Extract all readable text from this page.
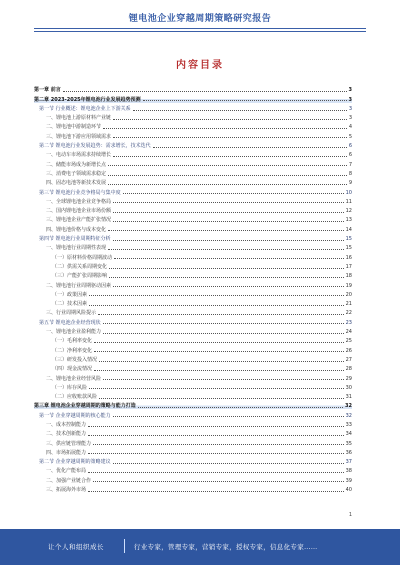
锂电池企业穿越周期策略研究报告
内容目录
第一章 前言	3
第二章 2023-2025年锂电池行业发展趋势预测	3
第一节 行业概述：锂电池企业上下游关系	3
一、锂电池上游原材料产业链	3
二、锂电池中游制造环节	4
三、锂电池下游应用领域需求	5
第二节 锂电池行业发展趋势：需求增长，技术迭代	6
一、电动车市场需求持续增长	6
二、储能市场成为新增长点	7
三、消费电子领域需求稳定	8
四、固态电池等新技术发展	9
第三节 锂电池行业竞争格局与集中度	10
一、全球锂电池企业竞争格局	11
二、国内锂电池企业市场份额	12
三、锂电池企业产能扩张情况	13
四、锂电池价格与成本变化	14
第四节 锂电池行业周期特征分析	15
一、锂电池行业周期性表现	15
（一）原材料价格周期波动	16
（二）供需关系周期变化	17
（三）产能扩张周期影响	18
二、锂电池行业周期驱动因素	19
（一）政策因素	20
（二）技术因素	21
三、行业周期风险提示	22
第五节 锂电池企业经营现状	23
一、锂电池企业盈利能力	24
（一）毛利率变化	25
（二）净利率变化	26
（三）研发投入情况	27
（四）现金流情况	28
二、锂电池企业经营风险	29
（一）库存风险	30
（二）应收账款风险	31
第三章 锂电池企业穿越周期的策略与能力打造	32
第一节 企业穿越周期的核心能力	32
一、成本控制能力	33
二、技术创新能力	34
三、供应链管理能力	35
四、市场拓展能力	36
第二节 企业穿越周期的策略建议	37
一、优化产能布局	38
二、加强产业链合作	39
三、拓展海外市场	40
1
让个人和组织成长	行业专家，管理专家，营销专家，授权专家，信息化专家……
